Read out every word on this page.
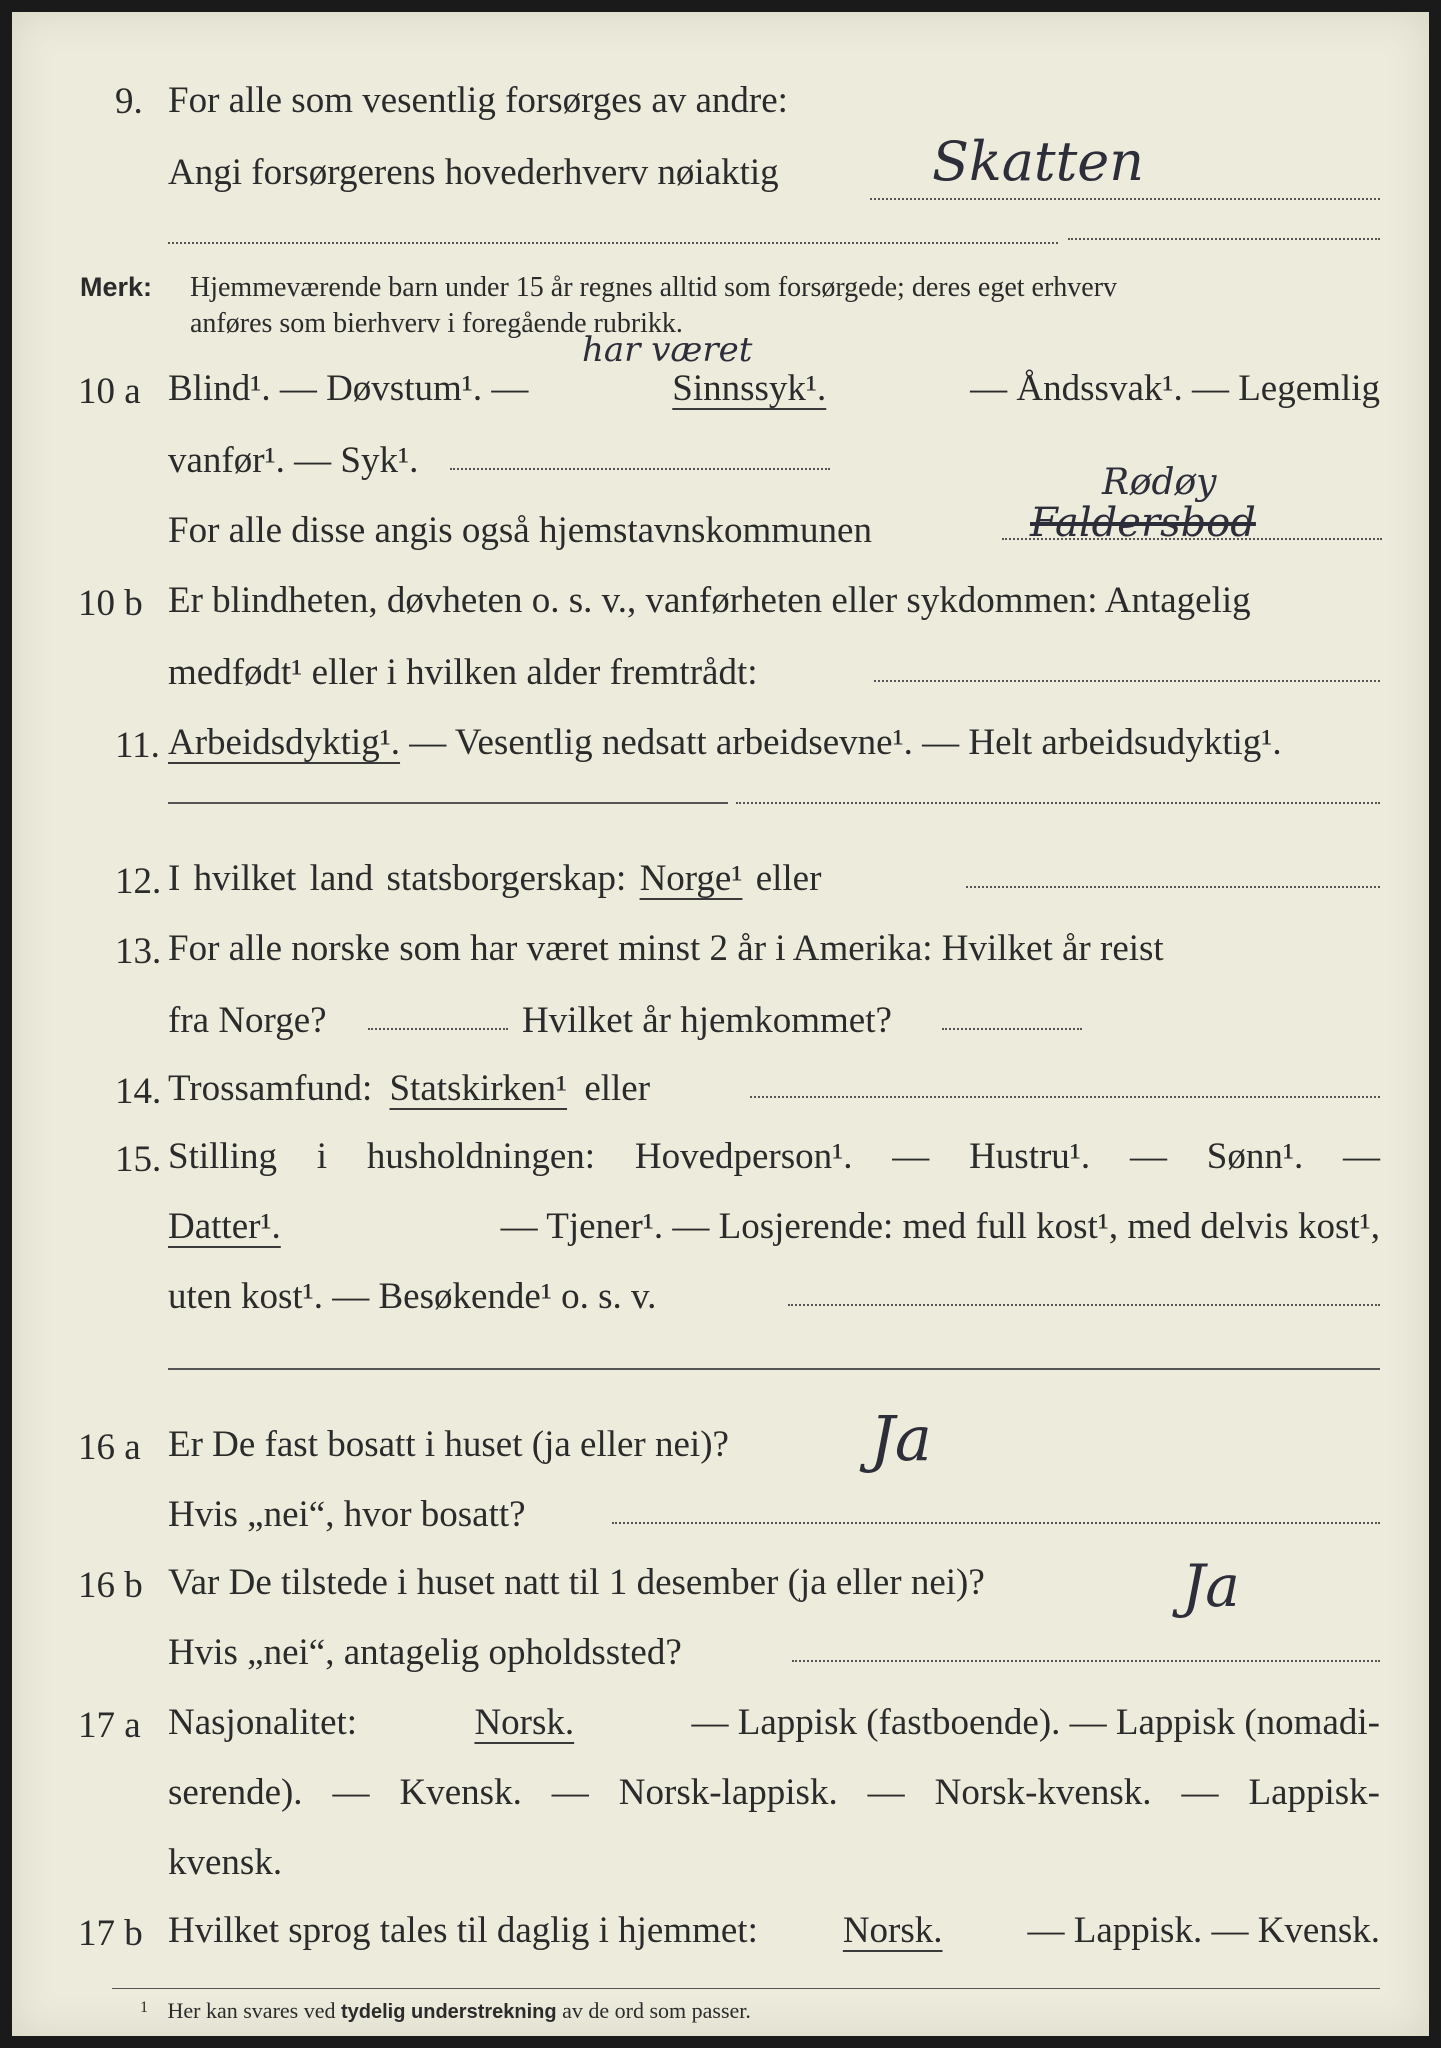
9. For alle som vesentlig forsørges av andre:
Angi forsørgerens hovederhverv nøiaktig	Skatten
Merk: Hjemmeværende barn under 15 år regnes alltid som forsørgede; deres eget erhverv
anføres som bierhverv i foregående rubrikk.
har været
10 a Blind¹. — Døvstum¹. —	Sinnssyk¹.	— Åndssvak¹. — Legemlig
vanfør¹. — Syk¹.
For alle disse angis også hjemstavnskommunen	Faldersbod
Rødøy
10 b Er blindheten, døvheten o. s. v., vanførheten eller sykdommen: Antagelig
medfødt¹ eller i hvilken alder fremtrådt:
11. Arbeidsdyktig¹. — Vesentlig nedsatt arbeidsevne¹. — Helt arbeidsudyktig¹.
12. I hvilket land statsborgerskap: Norge¹ eller
13. For alle norske som har været minst 2 år i Amerika: Hvilket år reist
fra Norge?	Hvilket år hjemkommet?
14. Trossamfund: Statskirken¹ eller
15. Stilling i husholdningen: Hovedperson¹. — Hustru¹. — Sønn¹. —
Datter¹.	— Tjener¹. — Losjerende: med full kost¹, med delvis kost¹,
uten kost¹. — Besøkende¹ o. s. v.
16 a Er De fast bosatt i huset (ja eller nei)? Ja
Hvis „nei“, hvor bosatt?
16 b Var De tilstede i huset natt til 1 desember (ja eller nei)?	Ja
Hvis „nei“, antagelig opholdssted?
17 a Nasjonalitet:	Norsk.	— Lappisk (fastboende). — Lappisk (nomadi-
serende). — Kvensk. — Norsk-lappisk. — Norsk-kvensk. — Lappisk-
kvensk.
17 b Hvilket sprog tales til daglig i hjemmet: Norsk. — Lappisk. — Kvensk.
$^1$ Her kan svares ved tydelig understrekning av de ord som passer.
